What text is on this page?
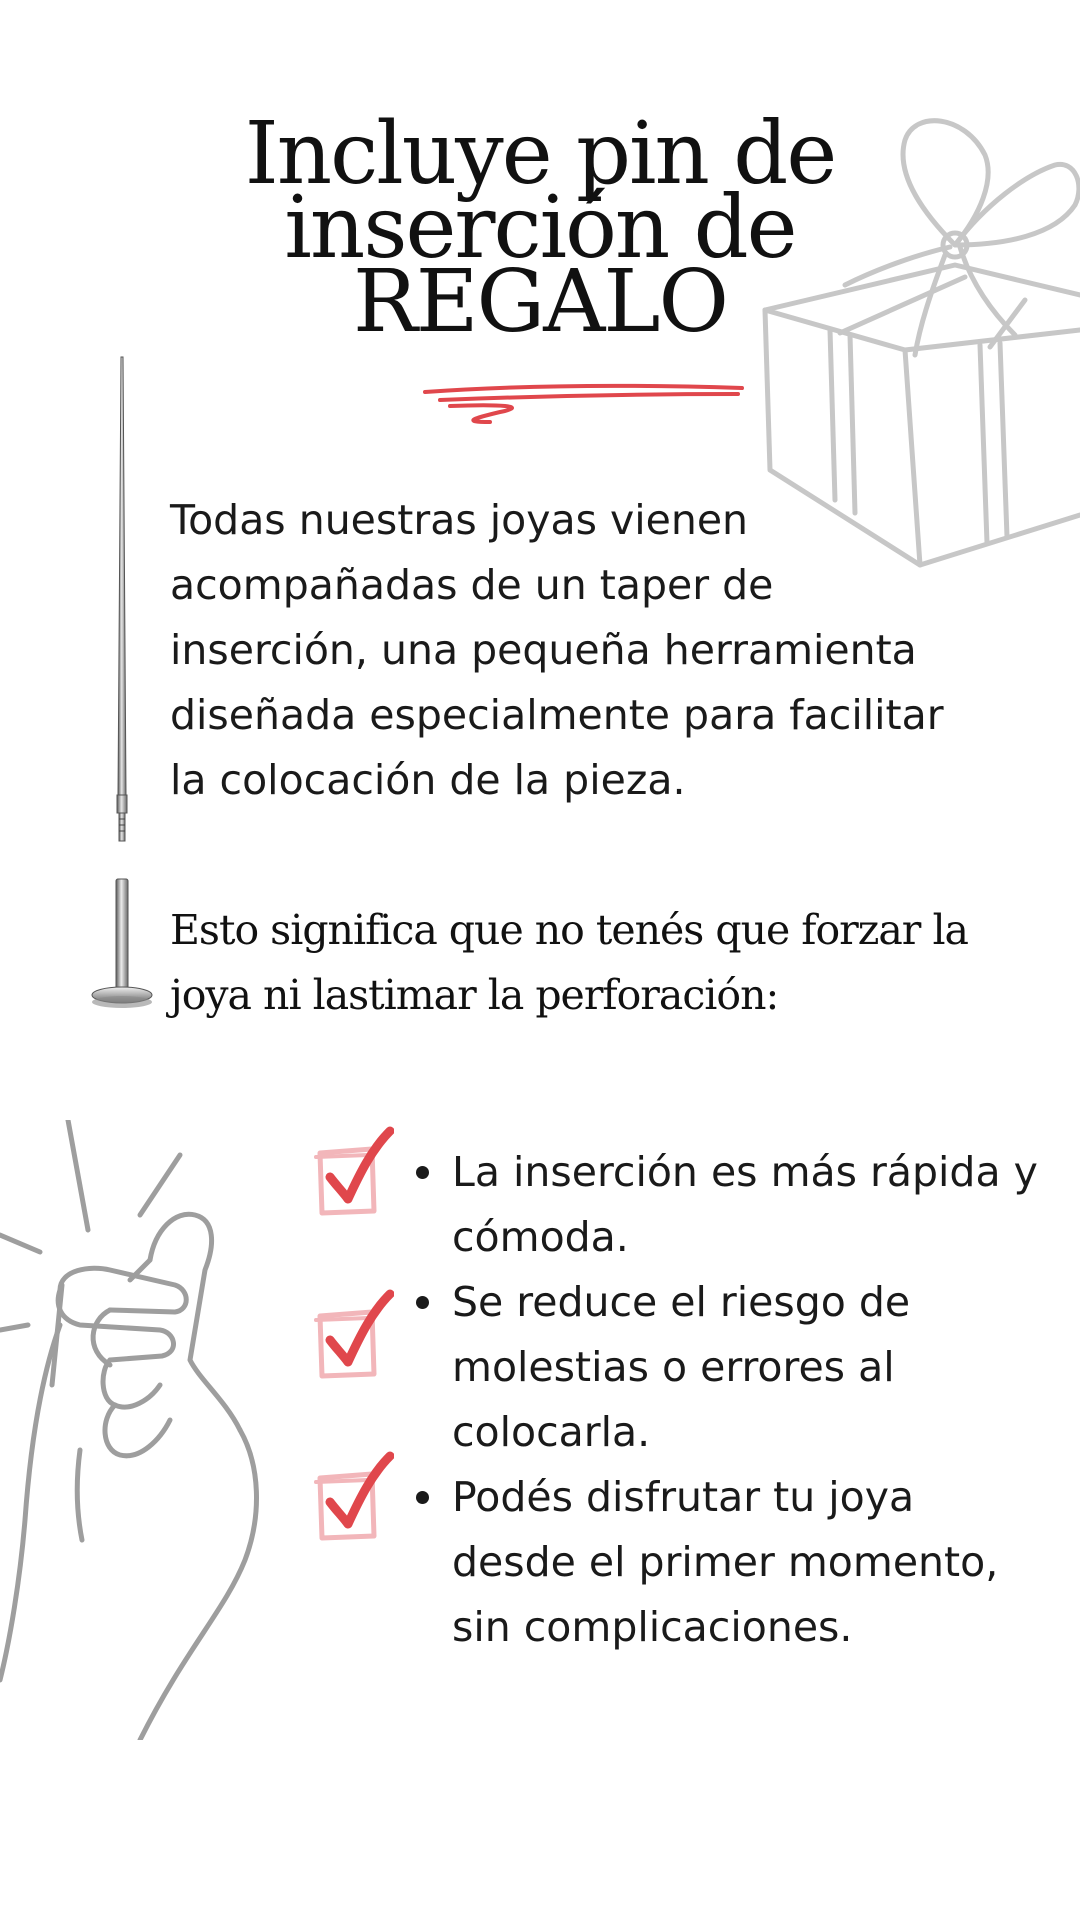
Incluye pin de
inserción de
REGALO

Todas nuestras joyas vienen
acompañadas de un taper de
inserción, una pequeña herramienta
diseñada especialmente para facilitar
la colocación de la pieza.

Esto significa que no tenés que forzar la
joya ni lastimar la perforación:

La inserción es más rápida y
cómoda.
Se reduce el riesgo de
molestias o errores al
colocarla.
Podés disfrutar tu joya
desde el primer momento,
sin complicaciones.
